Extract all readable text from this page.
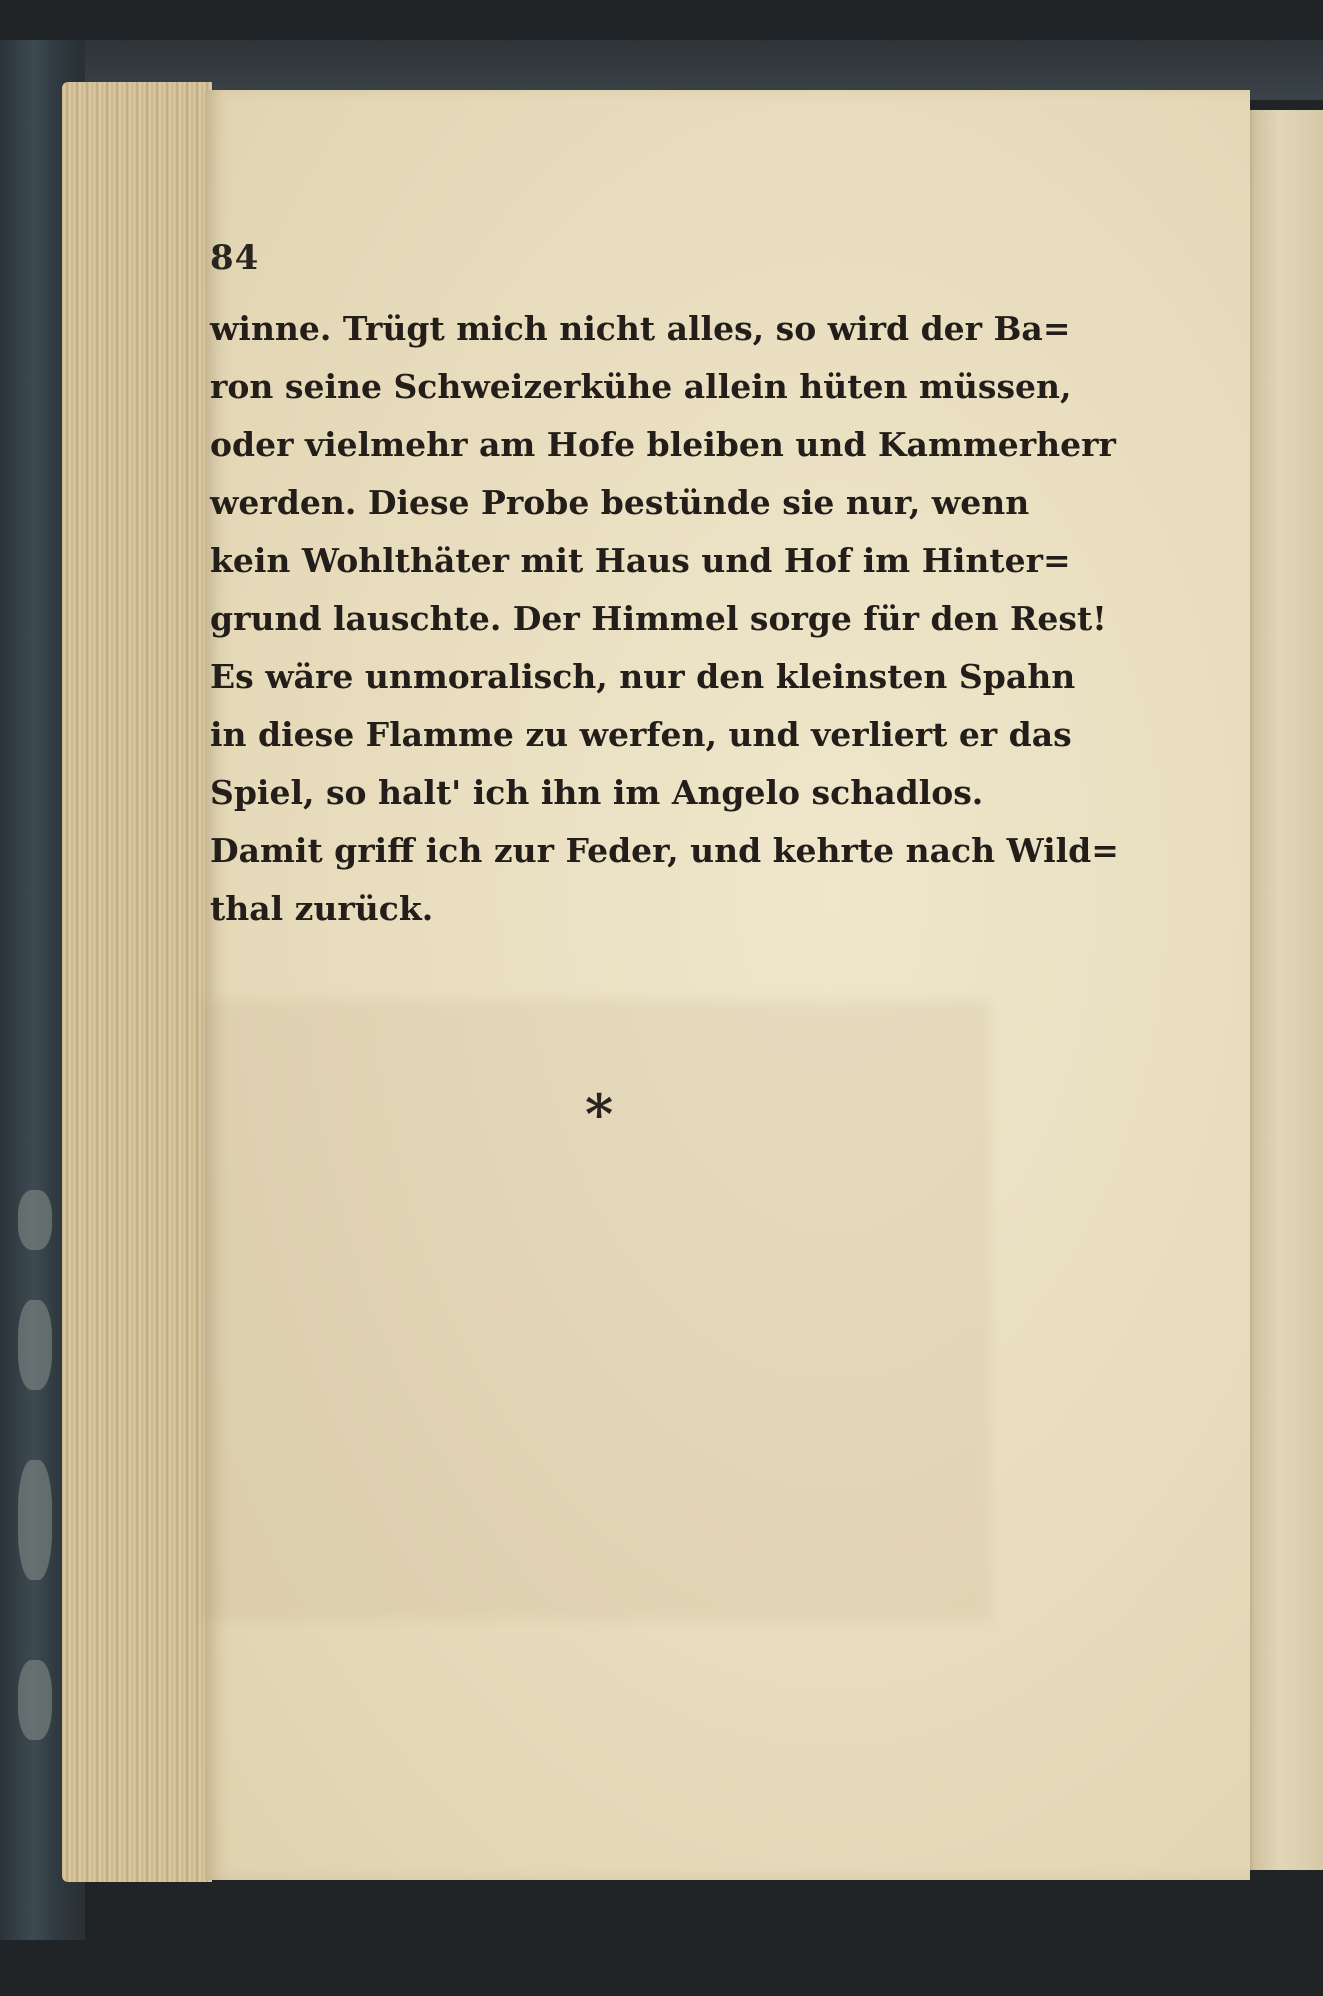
84
winne. Trügt mich nicht alles, so wird der Ba=
ron seine Schweizerkühe allein hüten müssen,
oder vielmehr am Hofe bleiben und Kammerherr
werden. Diese Probe bestünde sie nur, wenn
kein Wohlthäter mit Haus und Hof im Hinter=
grund lauschte. Der Himmel sorge für den Rest!
Es wäre unmoralisch, nur den kleinsten Spahn
in diese Flamme zu werfen, und verliert er das
Spiel, so halt' ich ihn im Angelo schadlos.
Damit griff ich zur Feder, und kehrte nach Wild=
thal zurück.
*
